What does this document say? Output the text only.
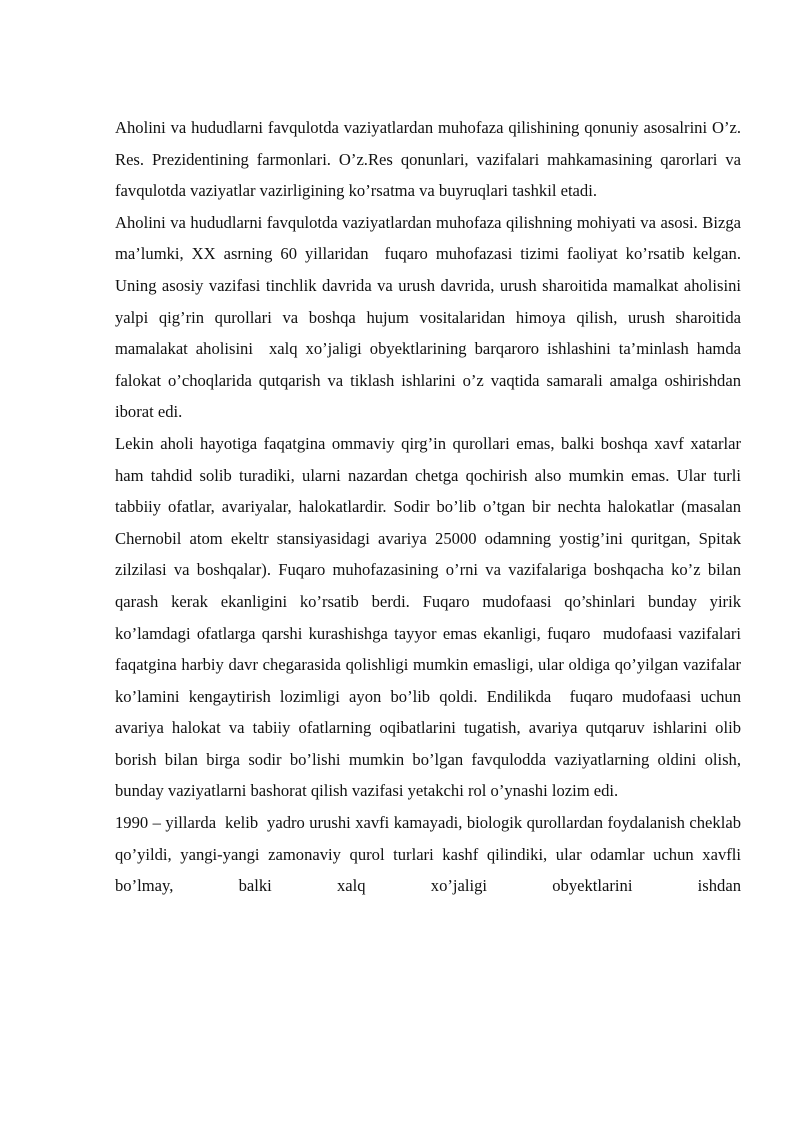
Aholini va hududlarni favqulotda vaziyatlardan muhofaza qilishining qonuniy asosalrini O’z. Res. Prezidentining farmonlari. O’z.Res qonunlari, vazifalari mahkamasining qarorlari va favqulotda vaziyatlar vazirligining ko’rsatma va buyruqlari tashkil etadi.

Aholini va hududlarni favqulotda vaziyatlardan muhofaza qilishning mohiyati va asosi. Bizga ma’lumki, XX asrning 60 yillaridan  fuqaro muhofazasi tizimi faoliyat ko’rsatib kelgan. Uning asosiy vazifasi tinchlik davrida va urush davrida, urush sharoitida mamalkat aholisini yalpi qig’rin qurollari va boshqa hujum vositalaridan himoya qilish, urush sharoitida mamalakat aholisini  xalq xo’jaligi obyektlarining barqaroro ishlashini ta’minlash hamda falokat o’choqlarida qutqarish va tiklash ishlarini o’z vaqtida samarali amalga oshirishdan iborat edi.

Lekin aholi hayotiga faqatgina ommaviy qirg’in qurollari emas, balki boshqa xavf xatarlar ham tahdid solib turadiki, ularni nazardan chetga qochirish also mumkin emas. Ular turli tabbiiy ofatlar, avariyalar, halokatlardir. Sodir bo’lib o’tgan bir nechta halokatlar (masalan  Chernobil atom ekeltr stansiyasidagi avariya 25000 odamning yostig’ini quritgan, Spitak zilzilasi va boshqalar). Fuqaro muhofazasining o’rni va vazifalariga boshqacha ko’z bilan qarash kerak ekanligini ko’rsatib berdi. Fuqaro mudofaasi qo’shinlari bunday yirik ko’lamdagi ofatlarga qarshi kurashishga tayyor emas ekanligi, fuqaro  mudofaasi vazifalari faqatgina harbiy davr chegarasida qolishligi mumkin emasligi, ular oldiga qo’yilgan vazifalar ko’lamini kengaytirish lozimligi ayon bo’lib qoldi. Endilikda  fuqaro mudofaasi uchun avariya halokat va tabiiy ofatlarning oqibatlarini tugatish, avariya qutqaruv ishlarini olib borish bilan birga sodir bo’lishi mumkin bo’lgan favqulodda vaziyatlarning oldini olish, bunday vaziyatlarni bashorat qilish vazifasi yetakchi rol o’ynashi lozim edi.

1990 – yillarda  kelib  yadro urushi xavfi kamayadi, biologik qurollardan foydalanish cheklab qo’yildi, yangi-yangi zamonaviy qurol turlari kashf qilindiki, ular odamlar uchun xavfli bo’lmay, balki xalq xo’jaligi obyektlarini ishdan
